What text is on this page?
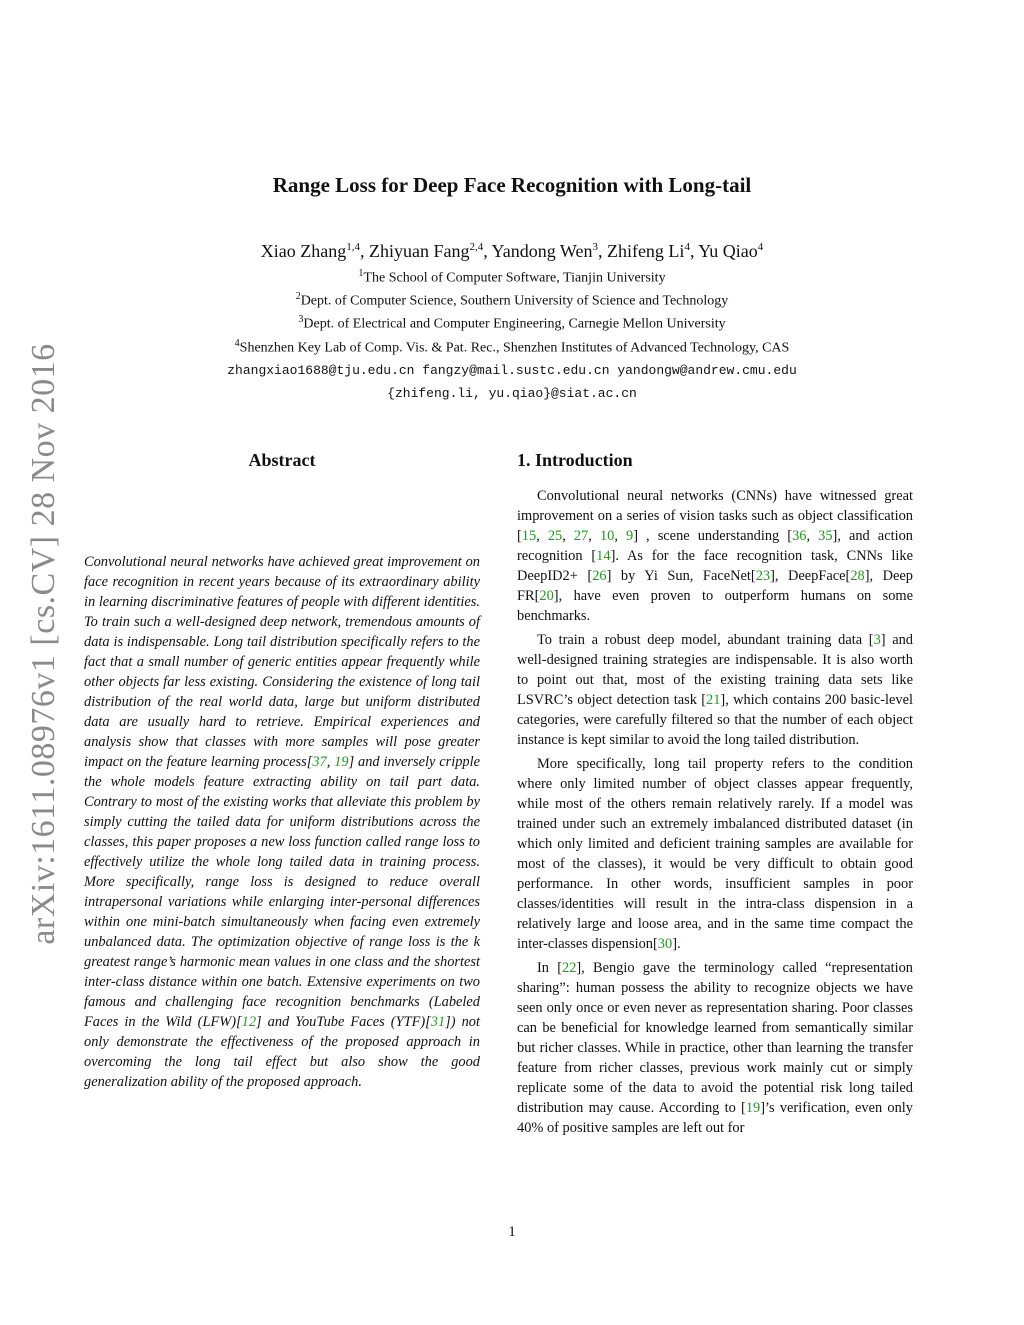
arXiv:1611.08976v1 [cs.CV] 28 Nov 2016
Range Loss for Deep Face Recognition with Long-tail
Xiao Zhang$^{1,4}$, Zhiyuan Fang$^{2,4}$, Yandong Wen$^3$, Zhifeng Li$^4$, Yu Qiao$^4$
$^1$The School of Computer Software, Tianjin University
$^2$Dept. of Computer Science, Southern University of Science and Technology
$^3$Dept. of Electrical and Computer Engineering, Carnegie Mellon University
$^4$Shenzhen Key Lab of Comp. Vis. & Pat. Rec., Shenzhen Institutes of Advanced Technology, CAS
zhangxiao1688@tju.edu.cn fangzy@mail.sustc.edu.cn yandongw@andrew.cmu.edu
{zhifeng.li, yu.qiao}@siat.ac.cn
Abstract	1. Introduction
Convolutional neural networks have achieved great improvement on face recognition in recent years because of its extraordinary ability in learning discriminative features of people with different identities. To train such a well-designed deep network, tremendous amounts of data is indispensable. Long tail distribution specifically refers to the fact that a small number of generic entities appear frequently while other objects far less existing. Considering the existence of long tail distribution of the real world data, large but uniform distributed data are usually hard to retrieve. Empirical experiences and analysis show that classes with more samples will pose greater impact on the feature learning process[37, 19] and inversely cripple the whole models feature extracting ability on tail part data. Contrary to most of the existing works that alleviate this problem by simply cutting the tailed data for uniform distributions across the classes, this paper proposes a new loss function called range loss to effectively utilize the whole long tailed data in training process. More specifically, range loss is designed to reduce overall intrapersonal variations while enlarging inter-personal differences within one mini-batch simultaneously when facing even extremely unbalanced data. The optimization objective of range loss is the k greatest range’s harmonic mean values in one class and the shortest inter-class distance within one batch. Extensive experiments on two famous and challenging face recognition benchmarks (Labeled Faces in the Wild (LFW)[12] and YouTube Faces (YTF)[31]) not only demonstrate the effectiveness of the proposed approach in overcoming the long tail effect but also show the good generalization ability of the proposed approach.

Convolutional neural networks (CNNs) have witnessed great improvement on a series of vision tasks such as object classification [15, 25, 27, 10, 9] , scene understanding [36, 35], and action recognition [14]. As for the face recognition task, CNNs like DeepID2+ [26] by Yi Sun, FaceNet[23], DeepFace[28], Deep FR[20], have even proven to outperform humans on some benchmarks.

To train a robust deep model, abundant training data [3] and well-designed training strategies are indispensable. It is also worth to point out that, most of the existing training data sets like LSVRC’s object detection task [21], which contains 200 basic-level categories, were carefully filtered so that the number of each object instance is kept similar to avoid the long tailed distribution.

More specifically, long tail property refers to the condition where only limited number of object classes appear frequently, while most of the others remain relatively rarely. If a model was trained under such an extremely imbalanced distributed dataset (in which only limited and deficient training samples are available for most of the classes), it would be very difficult to obtain good performance. In other words, insufficient samples in poor classes/identities will result in the intra-class dispension in a relatively large and loose area, and in the same time compact the inter-classes dispension[30].

In [22], Bengio gave the terminology called “representation sharing”: human possess the ability to recognize objects we have seen only once or even never as representation sharing. Poor classes can be beneficial for knowledge learned from semantically similar but richer classes. While in practice, other than learning the transfer feature from richer classes, previous work mainly cut or simply replicate some of the data to avoid the potential risk long tailed distribution may cause. According to [19]’s verification, even only 40% of positive samples are left out for

1
